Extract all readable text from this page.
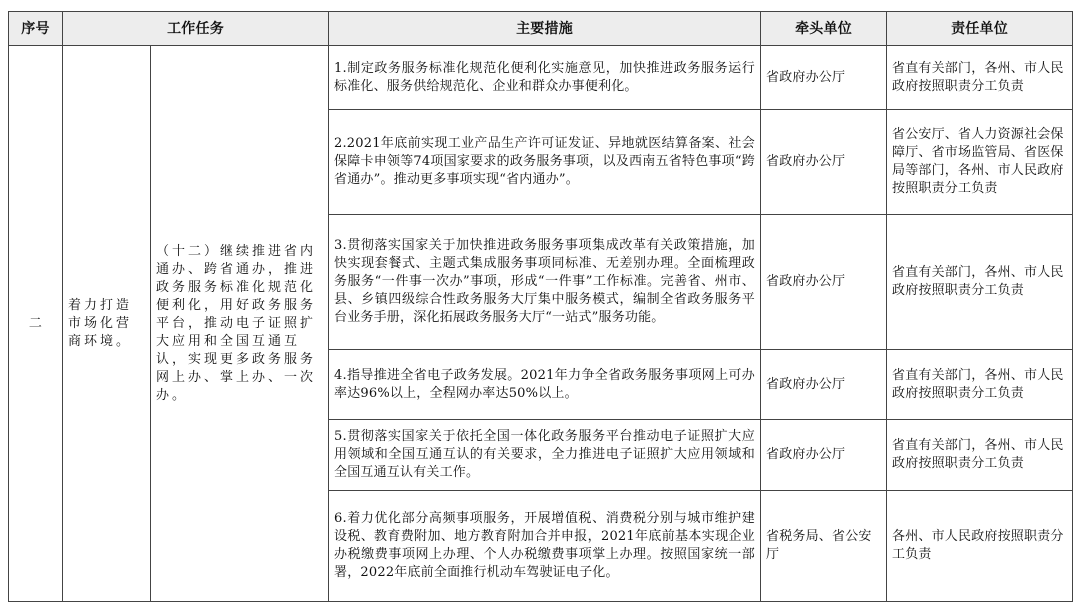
序号	工作任务		主要措施	牵头单位	责任单位
二	着力打造市场化营商环境。	（十二）继续推进省内通办、跨省通办，推进政务服务标准化规范化便利化，用好政务服务平台，推动电子证照扩大应用和全国互通互认，实现更多政务服务网上办、掌上办、一次办。	1.制定政务服务标准化规范化便利化实施意见，加快推进政务服务运行标准化、服务供给规范化、企业和群众办事便利化。	省政府办公厅	省直有关部门，各州、市人民政府按照职责分工负责
			2.2021年底前实现工业产品生产许可证发证、异地就医结算备案、社会保障卡申领等74项国家要求的政务服务事项，以及西南五省特色事项“跨省通办”。推动更多事项实现“省内通办”。	省政府办公厅	省公安厅、省人力资源社会保障厅、省市场监管局、省医保局等部门，各州、市人民政府按照职责分工负责
			3.贯彻落实国家关于加快推进政务服务事项集成改革有关政策措施，加快实现套餐式、主题式集成服务事项同标准、无差别办理。全面梳理政务服务“一件事一次办”事项，形成“一件事”工作标准。完善省、州市、县、乡镇四级综合性政务服务大厅集中服务模式，编制全省政务服务平台业务手册，深化拓展政务服务大厅“一站式”服务功能。	省政府办公厅	省直有关部门，各州、市人民政府按照职责分工负责
			4.指导推进全省电子政务发展。2021年力争全省政务服务事项网上可办率达96%以上，全程网办率达50%以上。	省政府办公厅	省直有关部门，各州、市人民政府按照职责分工负责
			5.贯彻落实国家关于依托全国一体化政务服务平台推动电子证照扩大应用领域和全国互通互认的有关要求，全力推进电子证照扩大应用领域和全国互通互认有关工作。	省政府办公厅	省直有关部门，各州、市人民政府按照职责分工负责
			6.着力优化部分高频事项服务，开展增值税、消费税分别与城市维护建设税、教育费附加、地方教育附加合并申报，2021年底前基本实现企业办税缴费事项网上办理、个人办税缴费事项掌上办理。按照国家统一部署，2022年底前全面推行机动车驾驶证电子化。	省税务局、省公安厅	各州、市人民政府按照职责分工负责
